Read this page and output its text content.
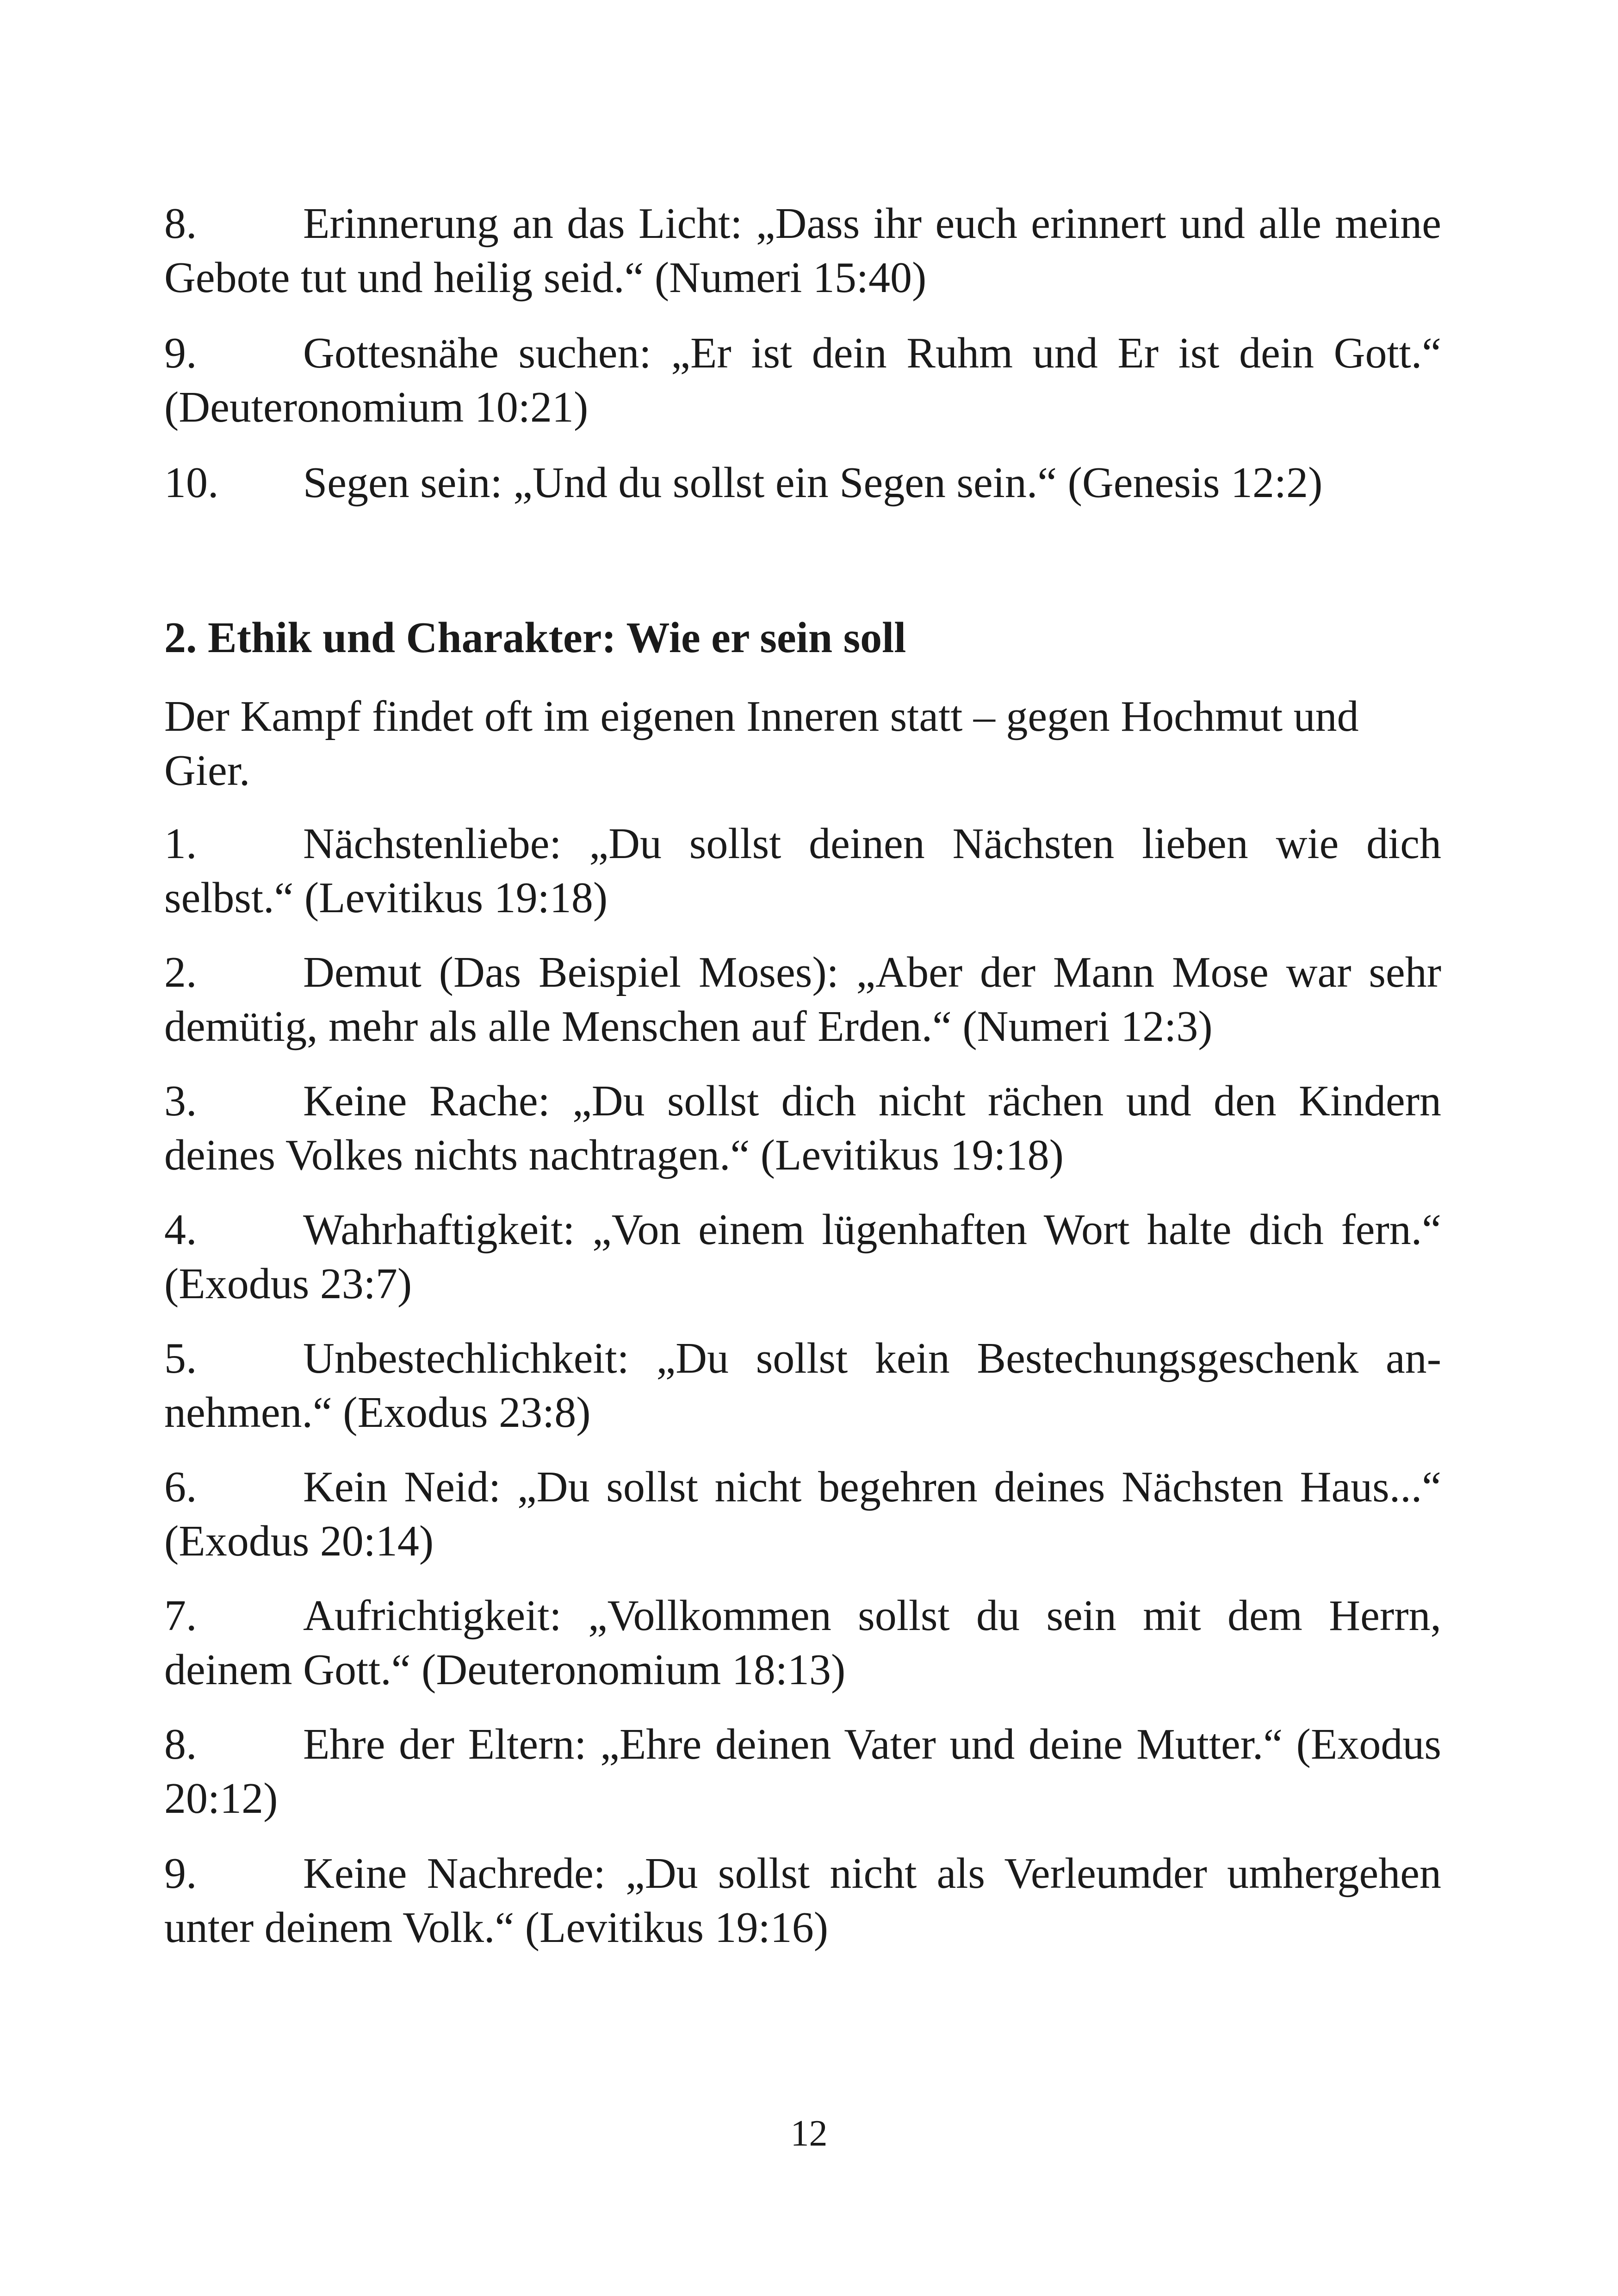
8. Erinnerung an das Licht: „Dass ihr euch erinnert und alle meine Gebote tut und heilig seid.“ (Numeri 15:40)

9. Gottesnähe suchen: „Er ist dein Ruhm und Er ist dein Gott.“ (Deuteronomium 10:21)

10. Segen sein: „Und du sollst ein Segen sein.“ (Genesis 12:2)

2. Ethik und Charakter: Wie er sein soll

Der Kampf findet oft im eigenen Inneren statt – gegen Hochmut und Gier.

1. Nächstenliebe: „Du sollst deinen Nächsten lieben wie dich selbst.“ (Levitikus 19:18)

2. Demut (Das Beispiel Moses): „Aber der Mann Mose war sehr demütig, mehr als alle Menschen auf Erden.“ (Numeri 12:3)

3. Keine Rache: „Du sollst dich nicht rächen und den Kindern deines Volkes nichts nachtragen.“ (Levitikus 19:18)

4. Wahrhaftigkeit: „Von einem lügenhaften Wort halte dich fern.“ (Exodus 23:7)

5. Unbestechlichkeit: „Du sollst kein Bestechungsgeschenk annehmen.“ (Exodus 23:8)

6. Kein Neid: „Du sollst nicht begehren deines Nächsten Haus...“ (Exodus 20:14)

7. Aufrichtigkeit: „Vollkommen sollst du sein mit dem Herrn, deinem Gott.“ (Deuteronomium 18:13)

8. Ehre der Eltern: „Ehre deinen Vater und deine Mutter.“ (Exodus 20:12)

9. Keine Nachrede: „Du sollst nicht als Verleumder umhergehen unter deinem Volk.“ (Levitikus 19:16)

12
